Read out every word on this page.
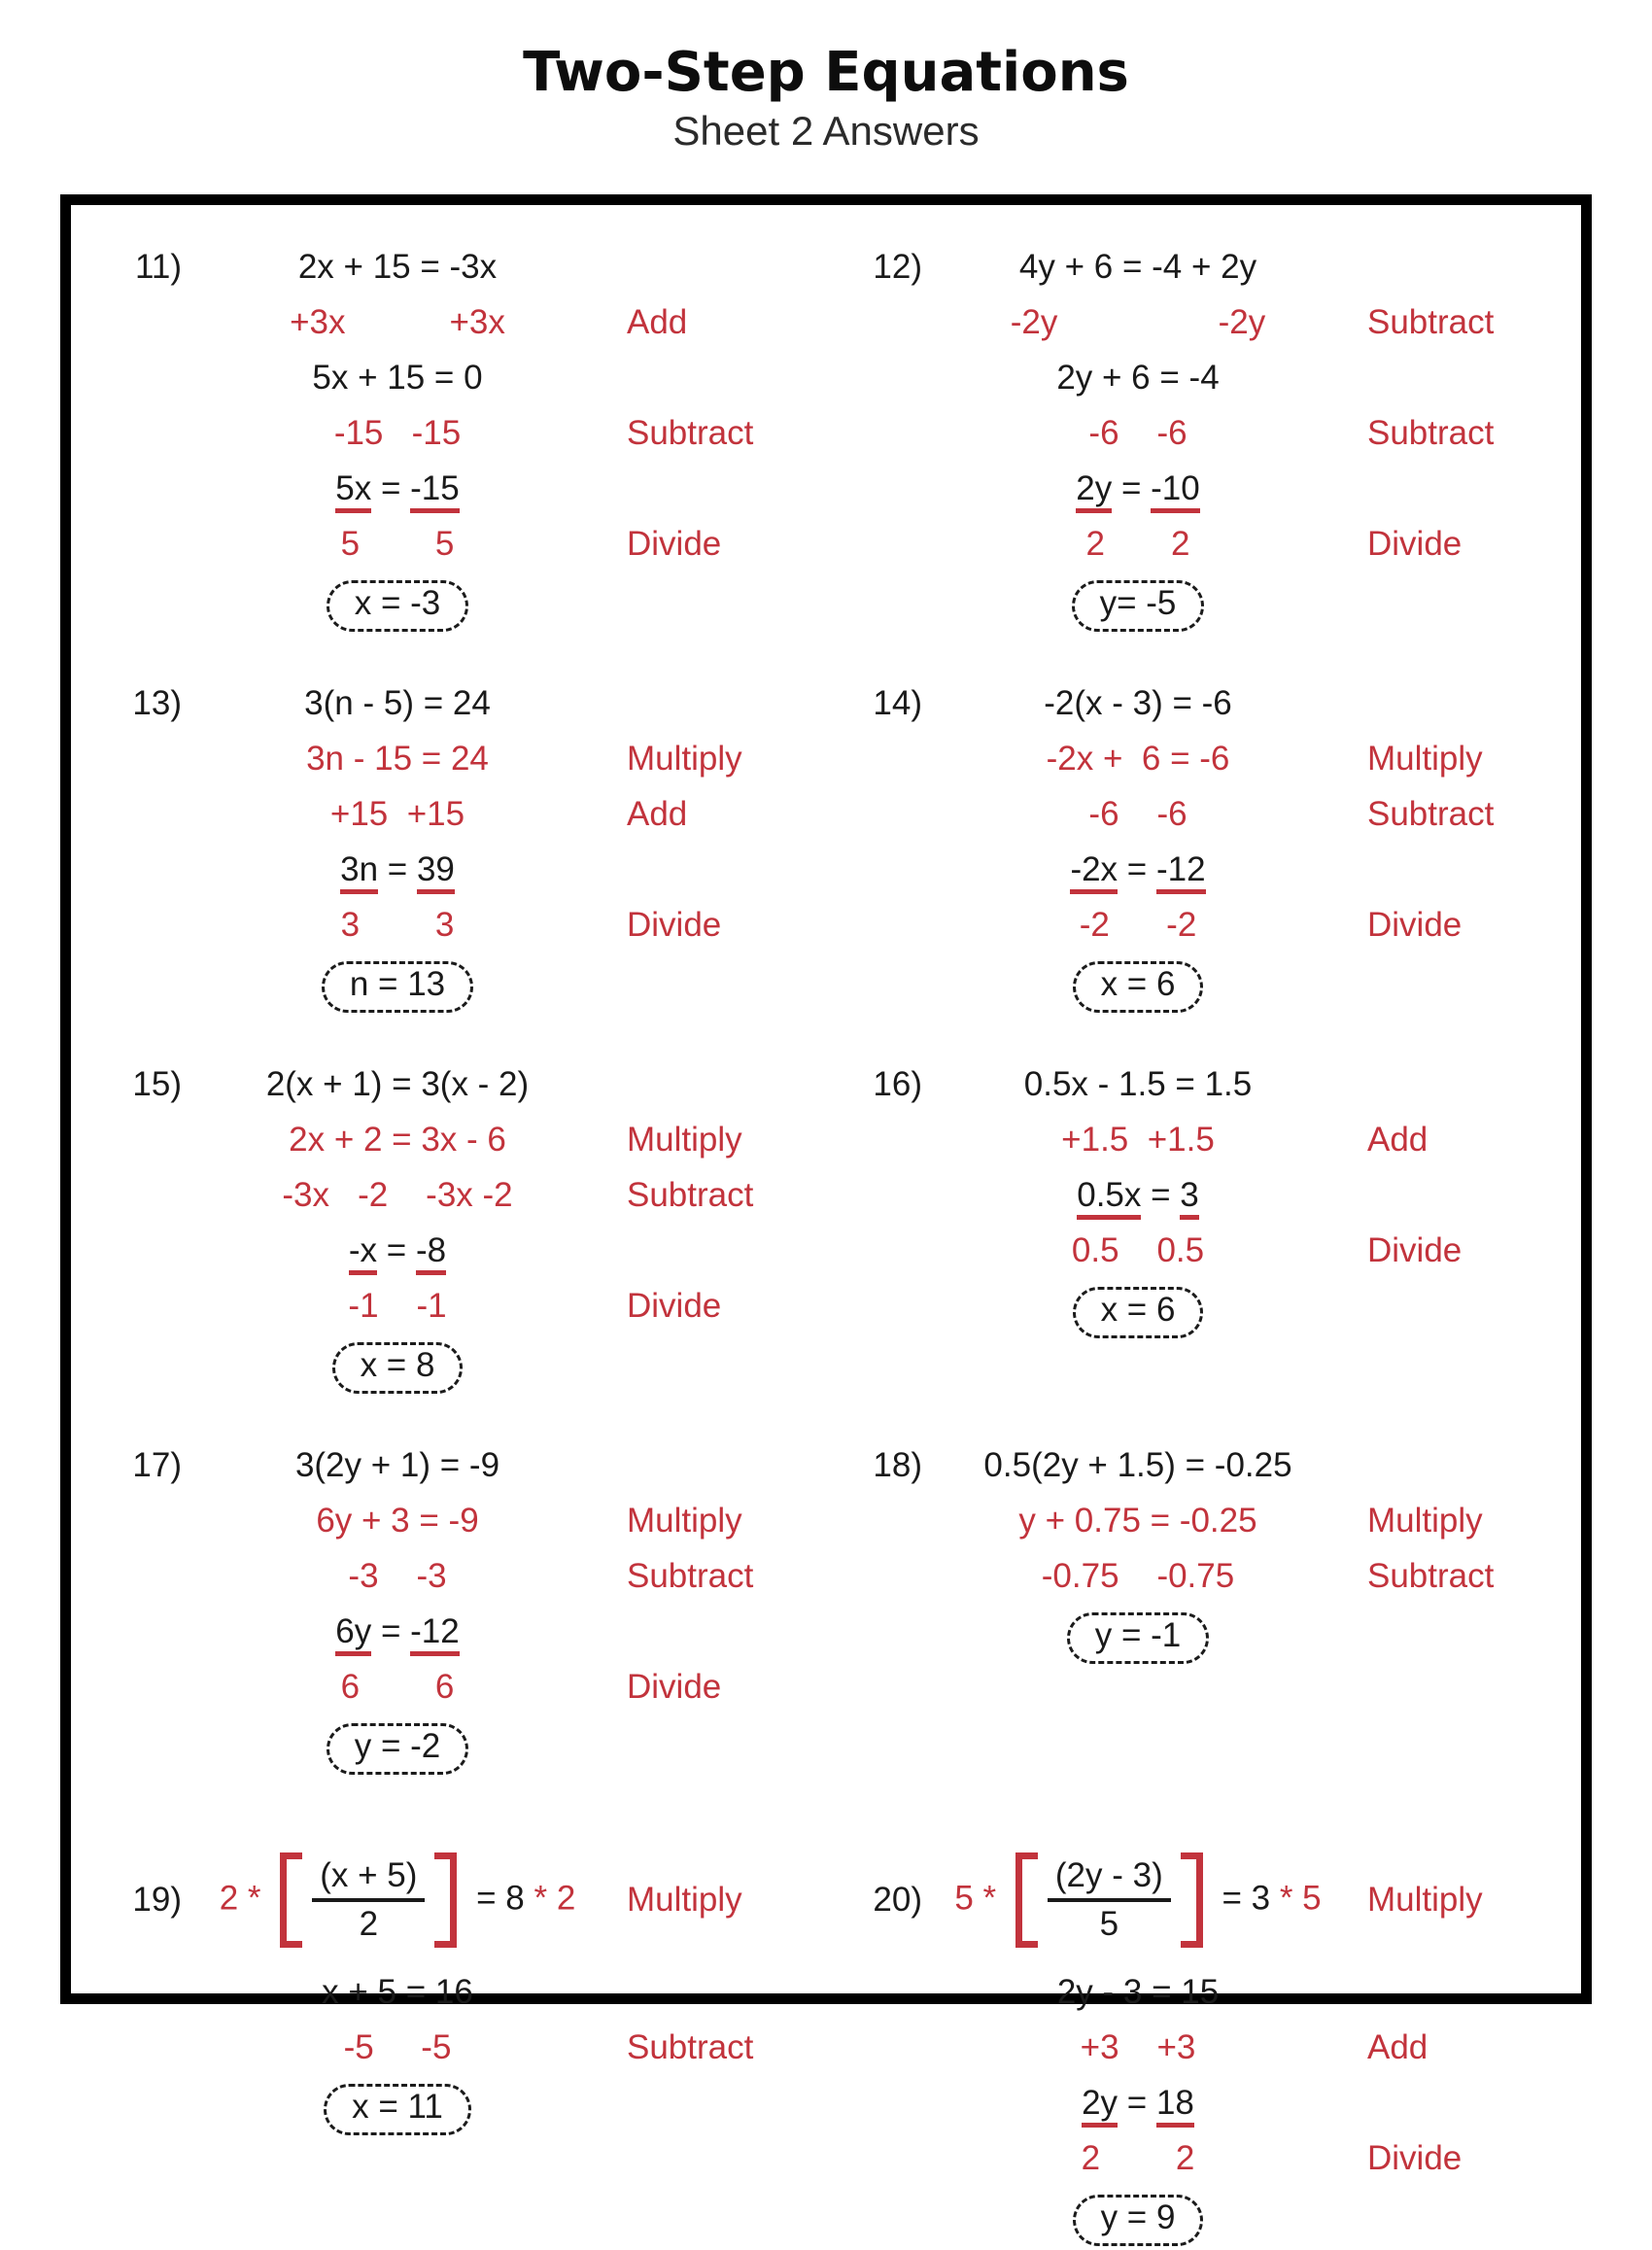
Two-Step Equations
Sheet 2 Answers
11)	2x + 15 = -3x
+3x           +3x	Add
5x + 15 = 0
-15   -15	Subtract
5x = -15
5        5	Divide
x = -3
12)	4y + 6 = -4 + 2y
-2y                 -2y	Subtract
2y + 6 = -4
-6    -6	Subtract
2y = -10
2       2	Divide
y= -5
13)	3(n - 5) = 24
3n - 15 = 24	Multiply
+15  +15	Add
3n = 39
3        3	Divide
n = 13
14)	-2(x - 3) = -6
-2x +  6 = -6	Multiply
-6    -6	Subtract
-2x = -12
-2      -2	Divide
x = 6
15)	2(x + 1) = 3(x - 2)
2x + 2 = 3x - 6	Multiply
-3x   -2    -3x -2	Subtract
-x = -8
-1    -1	Divide
x = 8
16)	0.5x - 1.5 = 1.5
+1.5  +1.5	Add
0.5x = 3
0.5    0.5	Divide
x = 6
17)	3(2y + 1) = -9
6y + 3 = -9	Multiply
-3    -3	Subtract
6y = -12
6        6	Divide
y = -2
18)	0.5(2y + 1.5) = -0.25
y + 0.75 = -0.25	Multiply
-0.75    -0.75	Subtract
y = -1
19)	$2 * \frac{(x + 5)}{2} = 8 * 2$	Multiply
x + 5 = 16
-5     -5	Subtract
x = 11
20) $5 * \frac{(2y - 3)}{5} = 3 * 5$	Multiply
2y - 3 = 15
+3    +3	Add
2y = 18
2        2	Divide
y = 9
